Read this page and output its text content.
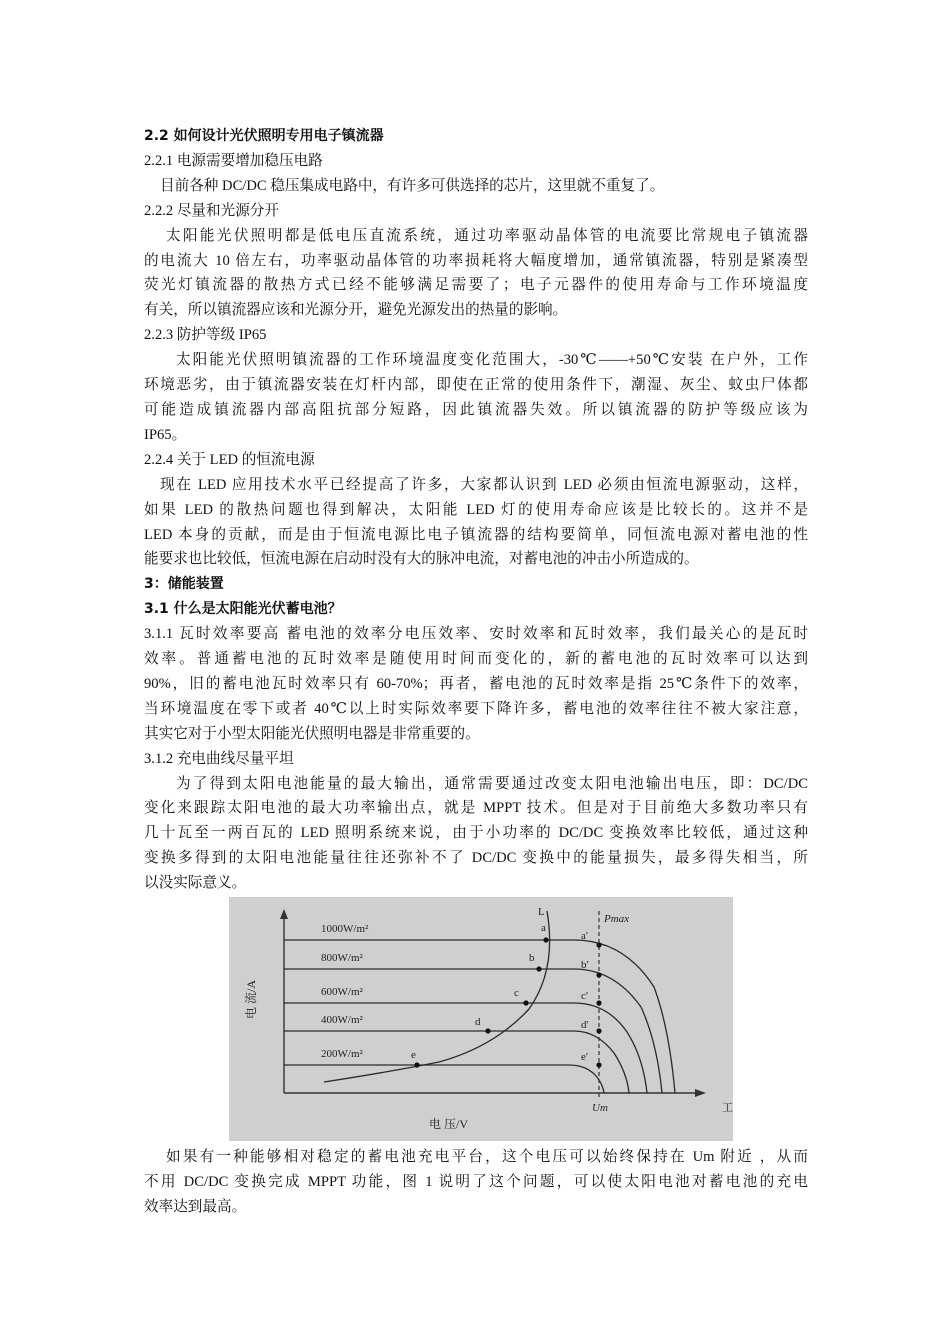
2.2 如何设计光伏照明专用电子镇流器

2.2.1 电源需要增加稳压电路

目前各种 DC/DC 稳压集成电路中，有许多可供选择的芯片，这里就不重复了。

2.2.2 尽量和光源分开

太阳能光伏照明都是低电压直流系统，通过功率驱动晶体管的电流要比常规电子镇流器

的电流大 10 倍左右，功率驱动晶体管的功率损耗将大幅度增加，通常镇流器，特别是紧凑型

荧光灯镇流器的散热方式已经不能够满足需要了；电子元器件的使用寿命与工作环境温度

有关，所以镇流器应该和光源分开，避免光源发出的热量的影响。

2.2.3 防护等级 IP65

太阳能光伏照明镇流器的工作环境温度变化范围大，-30℃——+50℃安装 在户外，工作

环境恶劣，由于镇流器安装在灯杆内部，即使在正常的使用条件下，潮湿、灰尘、蚊虫尸体都

可能造成镇流器内部高阻抗部分短路，因此镇流器失效。所以镇流器的防护等级应该为

IP65。

2.2.4 关于 LED 的恒流电源

现在 LED 应用技术水平已经提高了许多，大家都认识到 LED 必须由恒流电源驱动，这样，

如果 LED 的散热问题也得到解决，太阳能 LED 灯的使用寿命应该是比较长的。这并不是

LED 本身的贡献，而是由于恒流电源比电子镇流器的结构要简单，同恒流电源对蓄电池的性

能要求也比较低，恒流电源在启动时没有大的脉冲电流，对蓄电池的冲击小所造成的。

3：储能装置

3.1 什么是太阳能光伏蓄电池？

3.1.1 瓦时效率要高 蓄电池的效率分电压效率、安时效率和瓦时效率，我们最关心的是瓦时

效率。普通蓄电池的瓦时效率是随使用时间而变化的，新的蓄电池的瓦时效率可以达到

90%，旧的蓄电池瓦时效率只有 60-70%；再者，蓄电池的瓦时效率是指 25℃条件下的效率，

当环境温度在零下或者 40℃以上时实际效率要下降许多，蓄电池的效率往往不被大家注意，

其实它对于小型太阳能光伏照明电器是非常重要的。

3.1.2 充电曲线尽量平坦

为了得到太阳电池能量的最大输出，通常需要通过改变太阳电池输出电压，即：DC/DC

变化来跟踪太阳电池的最大功率输出点，就是 MPPT 技术。但是对于目前绝大多数功率只有

几十瓦至一两百瓦的 LED 照明系统来说，由于小功率的 DC/DC 变换效率比较低，通过这种

变换多得到的太阳电池能量往往还弥补不了 DC/DC 变换中的能量损失，最多得失相当，所

以没实际意义。

1000W/m²
800W/m²
600W/m²
400W/m²
200W/m²
a
b
c
d
e
a′
b′
c′
d′
e′
L
Pmax
Um	工
电 压/V
电 流/A

如果有一种能够相对稳定的蓄电池充电平台，这个电压可以始终保持在 Um 附近 ，从而

不用 DC/DC 变换完成 MPPT 功能，图 1 说明了这个问题，可以使太阳电池对蓄电池的充电

效率达到最高。
